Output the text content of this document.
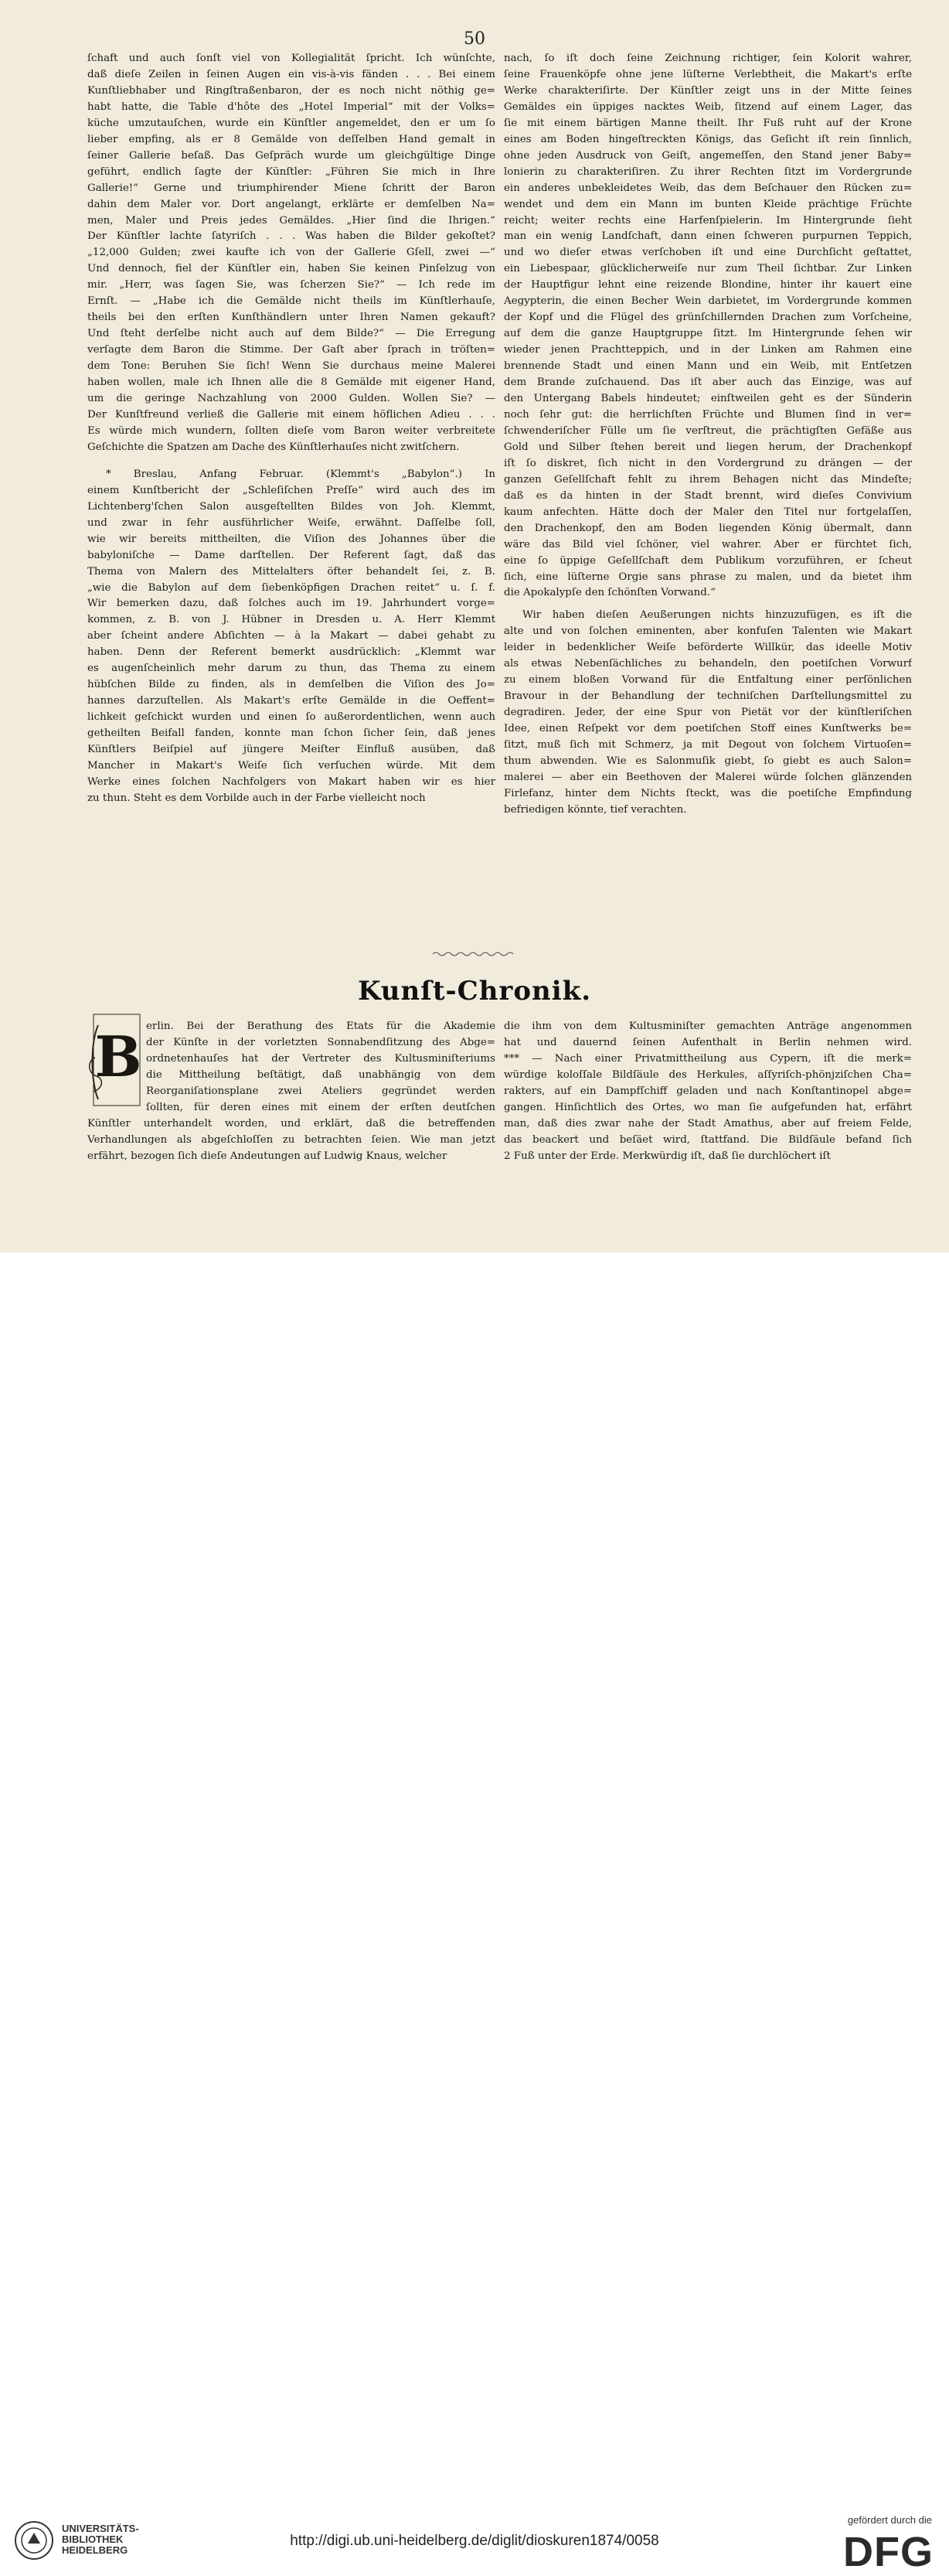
50

ſchaft und auch ſonſt viel von Kollegialität ſpricht. Ich wünſchte,
daß dieſe Zeilen in ſeinen Augen ein vis-à-vis fänden . . . Bei einem
Kunſtliebhaber und Ringſtraßenbaron, der es noch nicht nöthig ge=
habt hatte, die Table d'hôte des „Hotel Imperial“ mit der Volks=
küche umzutauſchen, wurde ein Künſtler angemeldet, den er um ſo
lieber empfing, als er 8 Gemälde von deſſelben Hand gemalt in
ſeiner Gallerie beſaß. Das Geſpräch wurde um gleichgültige Dinge
geführt, endlich ſagte der Künſtler: „Führen Sie mich in Ihre
Gallerie!“ Gerne und triumphirender Miene ſchritt der Baron
dahin dem Maler vor. Dort angelangt, erklärte er demſelben Na=
men, Maler und Preis jedes Gemäldes. „Hier ſind die Ihrigen.“
Der Künſtler lachte ſatyriſch . . . Was haben die Bilder gekoſtet?
„12,000 Gulden; zwei kaufte ich von der Gallerie Gſell, zwei —“
Und dennoch, fiel der Künſtler ein, haben Sie keinen Pinſelzug von
mir. „Herr, was ſagen Sie, was ſcherzen Sie?“ — Ich rede im
Ernſt. — „Habe ich die Gemälde nicht theils im Künſtlerhauſe,
theils bei den erſten Kunſthändlern unter Ihren Namen gekauft?
Und ſteht derſelbe nicht auch auf dem Bilde?“ — Die Erregung
verſagte dem Baron die Stimme. Der Gaſt aber ſprach in tröſten=
dem Tone: Beruhen Sie ſich! Wenn Sie durchaus meine Malerei
haben wollen, male ich Ihnen alle die 8 Gemälde mit eigener Hand,
um die geringe Nachzahlung von 2000 Gulden. Wollen Sie? —
Der Kunſtfreund verließ die Gallerie mit einem höflichen Adieu . . .
Es würde mich wundern, ſollten dieſe vom Baron weiter verbreitete
Geſchichte die Spatzen am Dache des Künſtlerhauſes nicht zwitſchern.

* Breslau, Anfang Februar. (Klemmt's „Babylon“.) In
einem Kunſtbericht der „Schleſiſchen Preſſe“ wird auch des im
Lichtenberg'ſchen Salon ausgeſtellten Bildes von Joh. Klemmt,
und zwar in ſehr ausführlicher Weiſe, erwähnt. Daſſelbe ſoll,
wie wir bereits mittheilten, die Viſion des Johannes über die
babyloniſche — Dame darſtellen. Der Referent ſagt, daß das
Thema von Malern des Mittelalters öfter behandelt ſei, z. B.
„wie die Babylon auf dem ſiebenköpfigen Drachen reitet“ u. ſ. f.
Wir bemerken dazu, daß ſolches auch im 19. Jahrhundert vorge=
kommen, z. B. von J. Hübner in Dresden u. A. Herr Klemmt
aber ſcheint andere Abſichten — à la Makart — dabei gehabt zu
haben. Denn der Referent bemerkt ausdrücklich: „Klemmt war
es augenſcheinlich mehr darum zu thun, das Thema zu einem
hübſchen Bilde zu finden, als in demſelben die Viſion des Jo=
hannes darzuſtellen. Als Makart's erſte Gemälde in die Oeffent=
lichkeit geſchickt wurden und einen ſo außerordentlichen, wenn auch
getheilten Beifall fanden, konnte man ſchon ſicher ſein, daß jenes
Künſtlers Beiſpiel auf jüngere Meiſter Einfluß ausüben, daß
Mancher in Makart's Weiſe ſich verſuchen würde. Mit dem
Werke eines ſolchen Nachfolgers von Makart haben wir es hier
zu thun. Steht es dem Vorbilde auch in der Farbe vielleicht noch

nach, ſo iſt doch ſeine Zeichnung richtiger, ſein Kolorit wahrer,
ſeine Frauenköpfe ohne jene lüſterne Verlebtheit, die Makart's erſte
Werke charakteriſirte. Der Künſtler zeigt uns in der Mitte ſeines
Gemäldes ein üppiges nacktes Weib, ſitzend auf einem Lager, das
ſie mit einem bärtigen Manne theilt. Ihr Fuß ruht auf der Krone
eines am Boden hingeſtreckten Königs, das Geſicht iſt rein ſinnlich,
ohne jeden Ausdruck von Geiſt, angemeſſen, den Stand jener Baby=
lonierin zu charakteriſiren. Zu ihrer Rechten ſitzt im Vordergrunde
ein anderes unbekleidetes Weib, das dem Beſchauer den Rücken zu=
wendet und dem ein Mann im bunten Kleide prächtige Früchte
reicht; weiter rechts eine Harfenſpielerin. Im Hintergrunde ſieht
man ein wenig Landſchaft, dann einen ſchweren purpurnen Teppich,
und wo dieſer etwas verſchoben iſt und eine Durchſicht geſtattet,
ein Liebespaar, glücklicherweiſe nur zum Theil ſichtbar. Zur Linken
der Hauptfigur lehnt eine reizende Blondine, hinter ihr kauert eine
Aegypterin, die einen Becher Wein darbietet, im Vordergrunde kommen
der Kopf und die Flügel des grünſchillernden Drachen zum Vorſcheine,
auf dem die ganze Hauptgruppe ſitzt. Im Hintergrunde ſehen wir
wieder jenen Prachtteppich, und in der Linken am Rahmen eine
brennende Stadt und einen Mann und ein Weib, mit Entſetzen
dem Brande zuſchauend. Das iſt aber auch das Einzige, was auf
den Untergang Babels hindeutet; einſtweilen geht es der Sünderin
noch ſehr gut: die herrlichſten Früchte und Blumen ſind in ver=
ſchwenderiſcher Fülle um ſie verſtreut, die prächtigſten Gefäße aus
Gold und Silber ſtehen bereit und liegen herum, der Drachenkopf
iſt ſo diskret, ſich nicht in den Vordergrund zu drängen — der
ganzen Geſellſchaft fehlt zu ihrem Behagen nicht das Mindeſte;
daß es da hinten in der Stadt brennt, wird dieſes Convivium
kaum anfechten. Hätte doch der Maler den Titel nur fortgelaſſen,
den Drachenkopf, den am Boden liegenden König übermalt, dann
wäre das Bild viel ſchöner, viel wahrer. Aber er fürchtet ſich,
eine ſo üppige Geſellſchaft dem Publikum vorzuführen, er ſcheut
ſich, eine lüſterne Orgie sans phrase zu malen, und da bietet ihm
die Apokalypſe den ſchönſten Vorwand.“

Wir haben dieſen Aeußerungen nichts hinzuzufügen, es iſt die
alte und von ſolchen eminenten, aber konfuſen Talenten wie Makart
leider in bedenklicher Weiſe beförderte Willkür, das ideelle Motiv
als etwas Nebenſächliches zu behandeln, den poetiſchen Vorwurf
zu einem bloßen Vorwand für die Entfaltung einer perſönlichen
Bravour in der Behandlung der techniſchen Darſtellungsmittel zu
degradiren. Jeder, der eine Spur von Pietät vor der künſtleriſchen
Idee, einen Reſpekt vor dem poetiſchen Stoff eines Kunſtwerks be=
ſitzt, muß ſich mit Schmerz, ja mit Degout von ſolchem Virtuoſen=
thum abwenden. Wie es Salonmuſik giebt, ſo giebt es auch Salon=
malerei — aber ein Beethoven der Malerei würde ſolchen glänzenden
Firlefanz, hinter dem Nichts ſteckt, was die poetiſche Empfindung
befriedigen könnte, tief verachten.

Kunſt-Chronik.
B erlin. Bei der Berathung des Etats für die Akademie
der Künſte in der vorletzten Sonnabendſitzung des Abge=
ordnetenhauſes hat der Vertreter des Kultusminiſteriums
die Mittheilung beſtätigt, daß unabhängig von dem
Reorganiſationsplane zwei Ateliers gegründet werden
ſollten, für deren eines mit einem der erſten deutſchen
Künſtler unterhandelt worden, und erklärt, daß die betreffenden
Verhandlungen als abgeſchloſſen zu betrachten ſeien. Wie man jetzt
erfährt, bezogen ſich dieſe Andeutungen auf Ludwig Knaus, welcher

die ihm von dem Kultusminiſter gemachten Anträge angenommen
hat und dauernd ſeinen Aufenthalt in Berlin nehmen wird.
*** — Nach einer Privatmittheilung aus Cypern, iſt die merk=
würdige koloſſale Bildſäule des Herkules, aſſyriſch-phönjziſchen Cha=
rakters, auf ein Dampfſchiff geladen und nach Konſtantinopel abge=
gangen. Hinſichtlich des Ortes, wo man ſie aufgefunden hat, erfährt
man, daß dies zwar nahe der Stadt Amathus, aber auf freiem Felde,
das beackert und beſäet wird, ſtattfand. Die Bildſäule befand ſich
2 Fuß unter der Erde. Merkwürdig iſt, daß ſie durchlöchert iſt

UNIVERSITÄTS-
BIBLIOTHEK
HEIDELBERG
http://digi.ub.uni-heidelberg.de/diglit/dioskuren1874/0058
gefördert durch die
DFG
